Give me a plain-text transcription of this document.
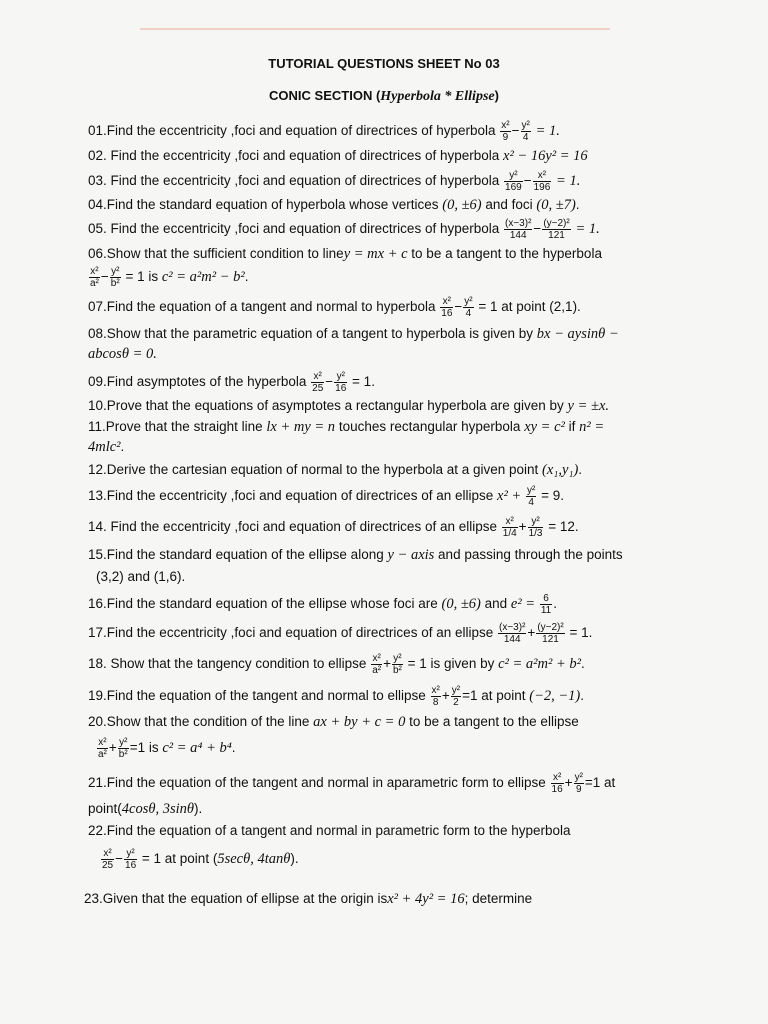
TUTORIAL QUESTIONS SHEET No 03
CONIC SECTION (Hyperbola * Ellipse)
01.Find the eccentricity ,foci and equation of directrices of hyperbola $\frac{\text{x²}}{9} - \frac{\text{y²}}{4} = 1$.
02. Find the eccentricity ,foci and equation of directrices of hyperbola x² − 16y² = 16
03. Find the eccentricity ,foci and equation of directrices of hyperbola $\frac{\text{y²}}{169} - \frac{\text{x²}}{196} = 1$.
04.Find the standard equation of hyperbola whose vertices (0, ±6) and foci (0, ±7).
05. Find the eccentricity ,foci and equation of directrices of hyperbola $\frac{\text{(x−3)²}}{144} - \frac{\text{(y−2)²}}{121} = 1$.
06.Show that the sufficient condition to liney = mx + c to be a tangent to the hyperbola
$\frac{\text{x²}}{\text{a²}} - \frac{\text{y²}}{\text{b²}} = 1$ is c² = a²m² − b².
07.Find the equation of a tangent and normal to hyperbola $\frac{\text{x²}}{16} - \frac{\text{y²}}{4} = 1$ at point (2,1).
08.Show that the parametric equation of a tangent to hyperbola is given by bx − aysinθ −
abcosθ = 0.
09.Find asymptotes of the hyperbola $\frac{\text{x²}}{25} - \frac{\text{y²}}{16} = 1$.
10.Prove that the equations of asymptotes a rectangular hyperbola are given by y = ±x.
11.Prove that the straight line lx + my = n touches rectangular hyperbola xy = c² if n² =
4mlc².
12.Derive the cartesian equation of normal to the hyperbola at a given point (x₁,y₁).
13.Find the eccentricity ,foci and equation of directrices of an ellipse $x^2 + \frac{\text{y²}}{4} = 9$.
14. Find the eccentricity ,foci and equation of directrices of an ellipse $\frac{\text{x²}}{1/4} + \frac{\text{y²}}{1/3} = 12$.
15.Find the standard equation of the ellipse along y − axis and passing through the points
(3,2) and (1,6).
16.Find the standard equation of the ellipse whose foci are (0, ±6) and $e^2 = \frac{6}{11}$ .
17.Find the eccentricity ,foci and equation of directrices of an ellipse $\frac{\text{(x−3)²}}{144} + \frac{\text{(y−2)²}}{121} = 1$.
18. Show that the tangency condition to ellipse $\frac{\text{x²}}{\text{a²}} + \frac{\text{y²}}{\text{b²}} = 1$ is given by c² = a²m² + b².
19.Find the equation of the tangent and normal to ellipse $\frac{\text{x²}}{8} + \frac{\text{y²}}{2} =1$ at point (−2, −1).
20.Show that the condition of the line ax + by + c = 0 to be a tangent to the ellipse
$\frac{\text{x²}}{\text{a²}} + \frac{\text{y²}}{\text{b²}} =1$ is c² = a⁴ + b⁴.
21.Find the equation of the tangent and normal in aparametric form to ellipse $\frac{\text{x²}}{16} + \frac{\text{y²}}{9} =1$ at
point(4cosθ, 3sinθ).
22.Find the equation of a tangent and normal in parametric form to the hyperbola
$\frac{\text{x²}}{25} - \frac{\text{y²}}{16} = 1$ at point (5secθ, 4tanθ).
23.Given that the equation of ellipse at the origin isx² + 4y² = 16; determine
